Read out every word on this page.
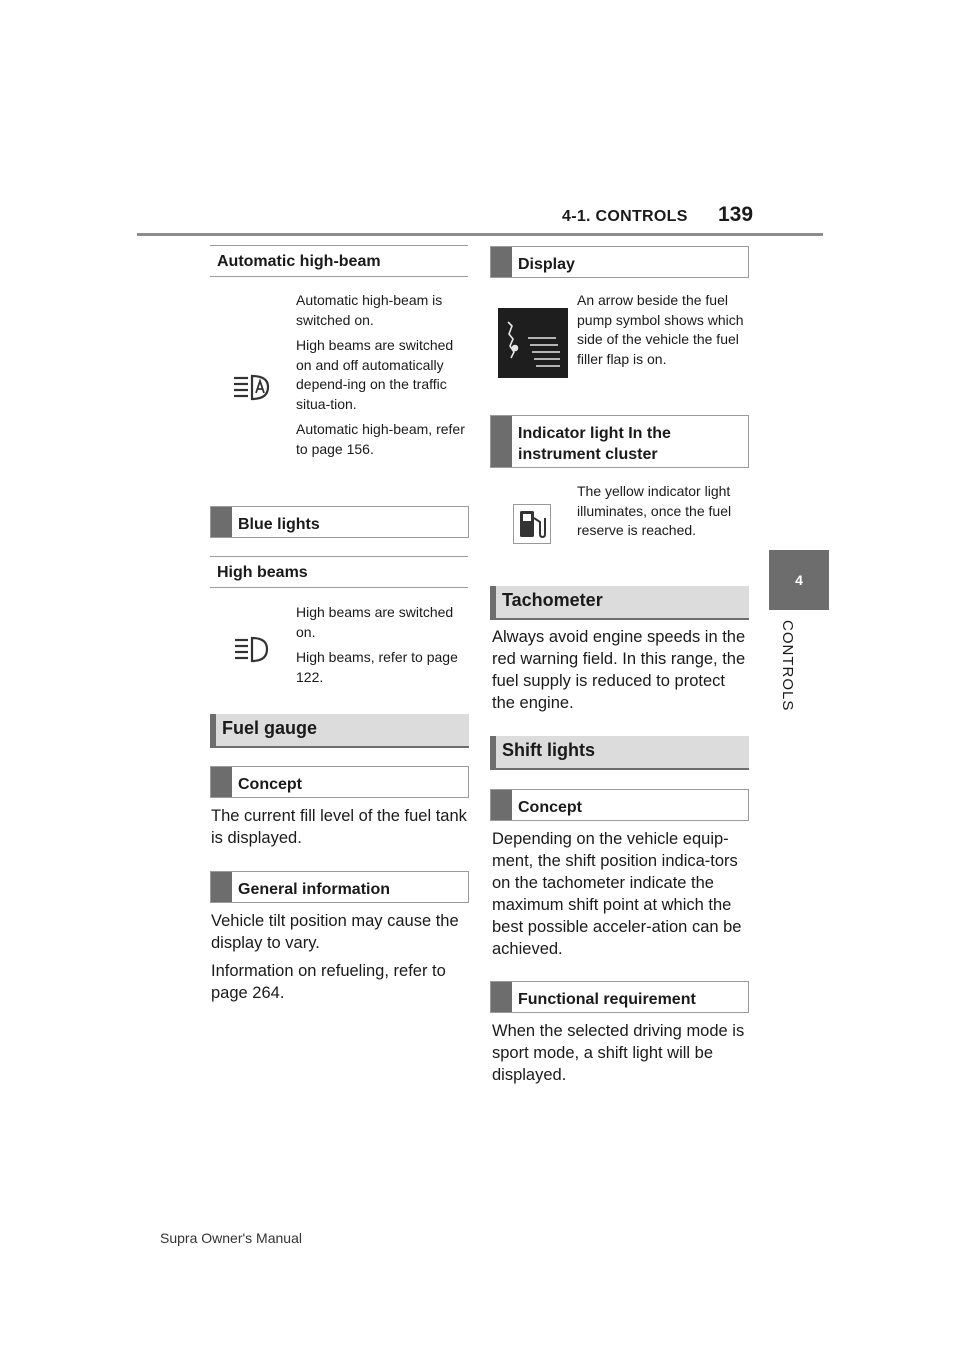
4-1. CONTROLS 139
4
CONTROLS
Automatic high-beam

Automatic high-beam is switched on.

High beams are switched on and off automatically depend-ing on the traffic situa-tion.

Automatic high-beam, refer to page 156.

Blue lights
High beams

High beams are switched on.

High beams, refer to page 122.

Fuel gauge
Concept

The current fill level of the fuel tank is displayed.

General information

Vehicle tilt position may cause the display to vary.

Information on refueling, refer to page 264.

Display

An arrow beside the fuel pump symbol shows which side of the vehicle the fuel filler flap is on.

Indicator light In the instrument cluster

The yellow indicator light illuminates, once the fuel reserve is reached.

Tachometer

Always avoid engine speeds in the red warning field. In this range, the fuel supply is reduced to protect the engine.

Shift lights
Concept

Depending on the vehicle equip-ment, the shift position indica-tors on the tachometer indicate the maximum shift point at which the best possible acceler-ation can be achieved.

Functional requirement

When the selected driving mode is sport mode, a shift light will be displayed.

Supra Owner's Manual
